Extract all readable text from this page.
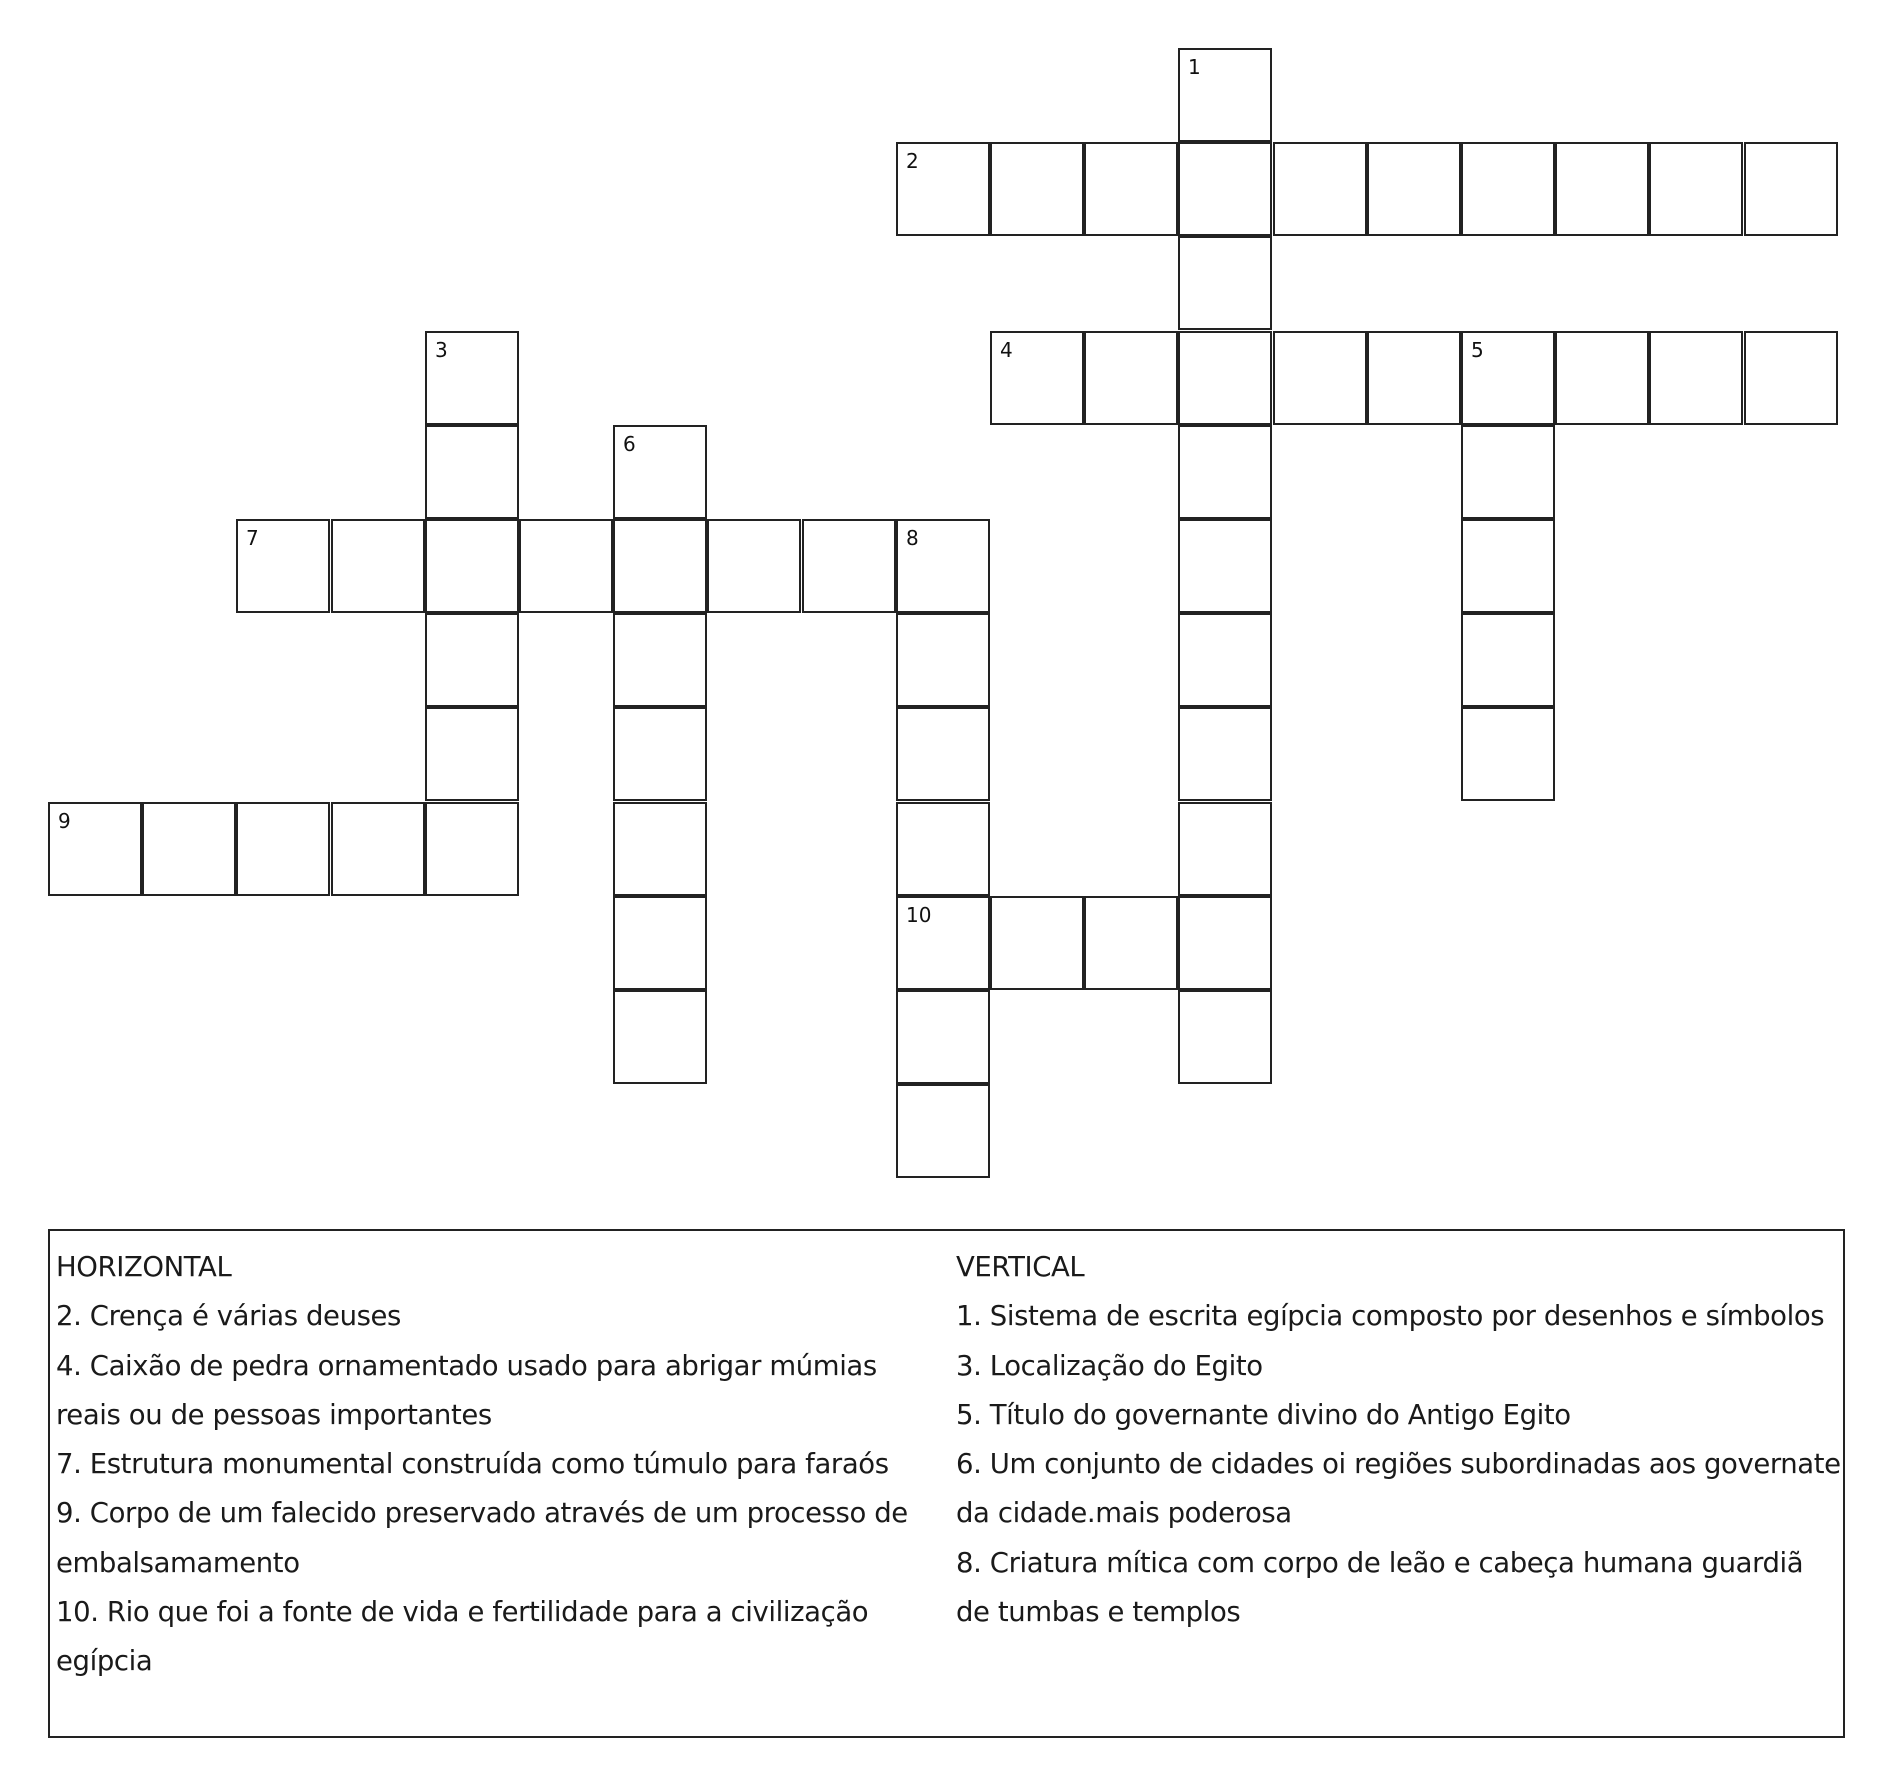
2
4	5
7	8
9
10
1
3
6
HORIZONTAL
2. Crença é várias deuses
4. Caixão de pedra ornamentado usado para abrigar múmias
reais ou de pessoas importantes
7. Estrutura monumental construída como túmulo para faraós
9. Corpo de um falecido preservado através de um processo de
embalsamamento
10. Rio que foi a fonte de vida e fertilidade para a civilização
egípcia
VERTICAL
1. Sistema de escrita egípcia composto por desenhos e símbolos
3. Localização do Egito
5. Título do governante divino do Antigo Egito
6. Um conjunto de cidades oi regiões subordinadas aos governate
da cidade.mais poderosa
8. Criatura mítica com corpo de leão e cabeça humana guardiã
de tumbas e templos
